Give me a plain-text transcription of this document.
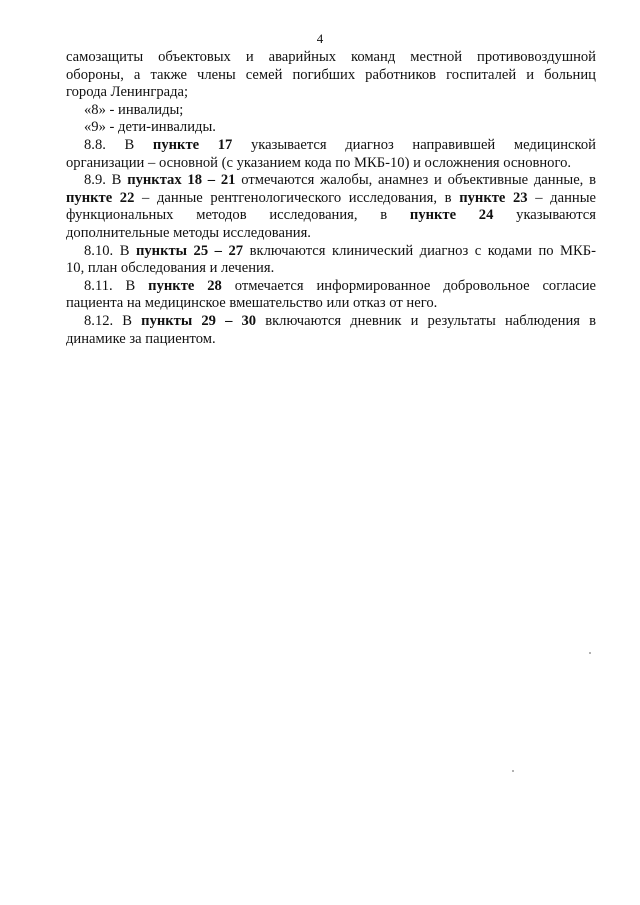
4
самозащиты объектовых и аварийных команд местной противовоздушной
обороны, а также члены семей погибших работников госпиталей и больниц
города Ленинграда;
«8» - инвалиды;
«9» - дети-инвалиды.
8.8. В пункте 17 указывается диагноз направившей медицинской
организации – основной (с указанием кода по МКБ-10) и осложнения основного.
8.9. В пунктах 18 – 21 отмечаются жалобы, анамнез и объективные данные, в
пункте 22 – данные рентгенологического исследования, в пункте 23 – данные
функциональных методов исследования, в пункте 24 указываются
дополнительные методы исследования.
8.10. В пункты 25 – 27 включаются клинический диагноз с кодами по МКБ-
10, план обследования и лечения.
8.11. В пункте 28 отмечается информированное добровольное согласие
пациента на медицинское вмешательство или отказ от него.
8.12. В пункты 29 – 30 включаются дневник и результаты наблюдения в
динамике за пациентом.
